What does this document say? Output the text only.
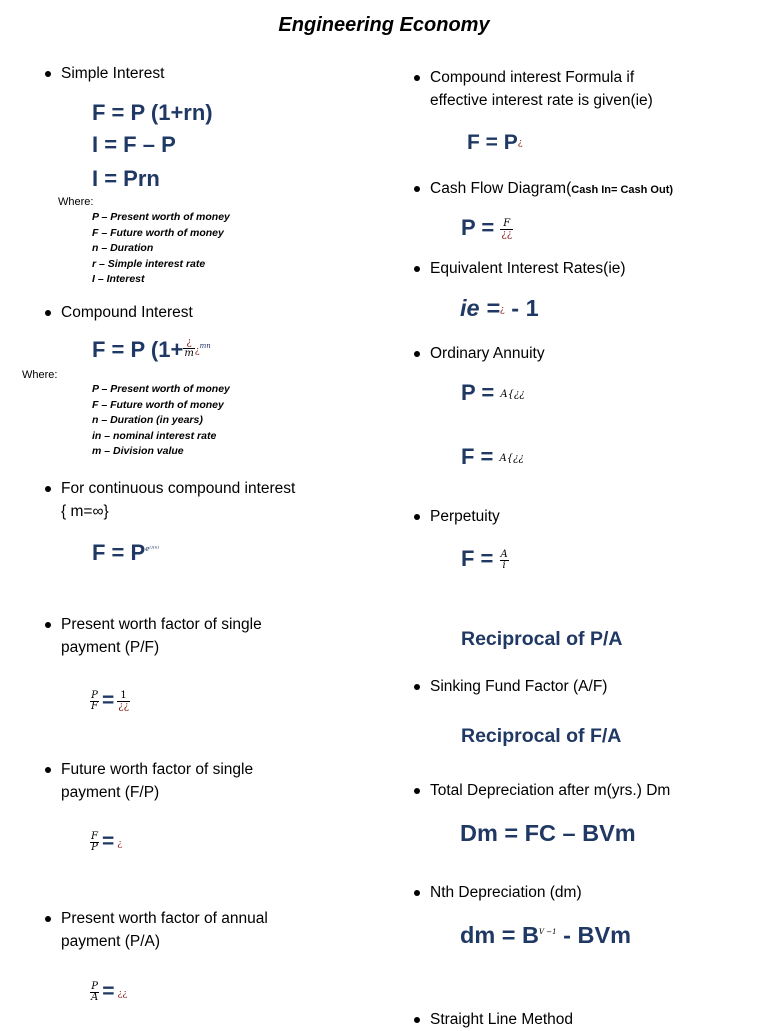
Engineering Economy
Simple Interest
F = P (1+rn)
I = F – P
I = Prn
Where:
P – Present worth of money
F – Future worth of money
n – Duration
r – Simple interest rate
I – Interest
Compound Interest
F = P ($1+ \frac{¿}{m}$ ¿$^{mn}$
Where:
P – Present worth of money
F – Future worth of money
n – Duration (in years)
in – nominal interest rate
m – Division value
For continuous compound interest
{ m=∞}
$F = P^{e^{()(n)}}$
Present worth factor of single
payment (P/F)
$\frac{P}{F} = \frac{1}{¿¿}$
Future worth factor of single
payment (F/P)
$\frac{F}{P}$ = ¿
Present worth factor of annual
payment (P/A)
$\frac{P}{A}$ = ¿¿
Compound interest Formula if
effective interest rate is given(ie)
F = P¿
Cash Flow Diagram(Cash In= Cash Out)
$P = \frac{F}{¿¿}$
Equivalent Interest Rates(ie)
ie =¿ - 1
Ordinary Annuity
P = A{¿¿
F = A{¿¿
Perpetuity
$F = \frac{A}{i}$
Reciprocal of P/A
Sinking Fund Factor (A/F)
Reciprocal of F/A
Total Depreciation after m(yrs.) Dm
Dm = FC – BVm
Nth Depreciation (dm)
dm = $B^{V -1}$ - BVm
Straight Line Method
